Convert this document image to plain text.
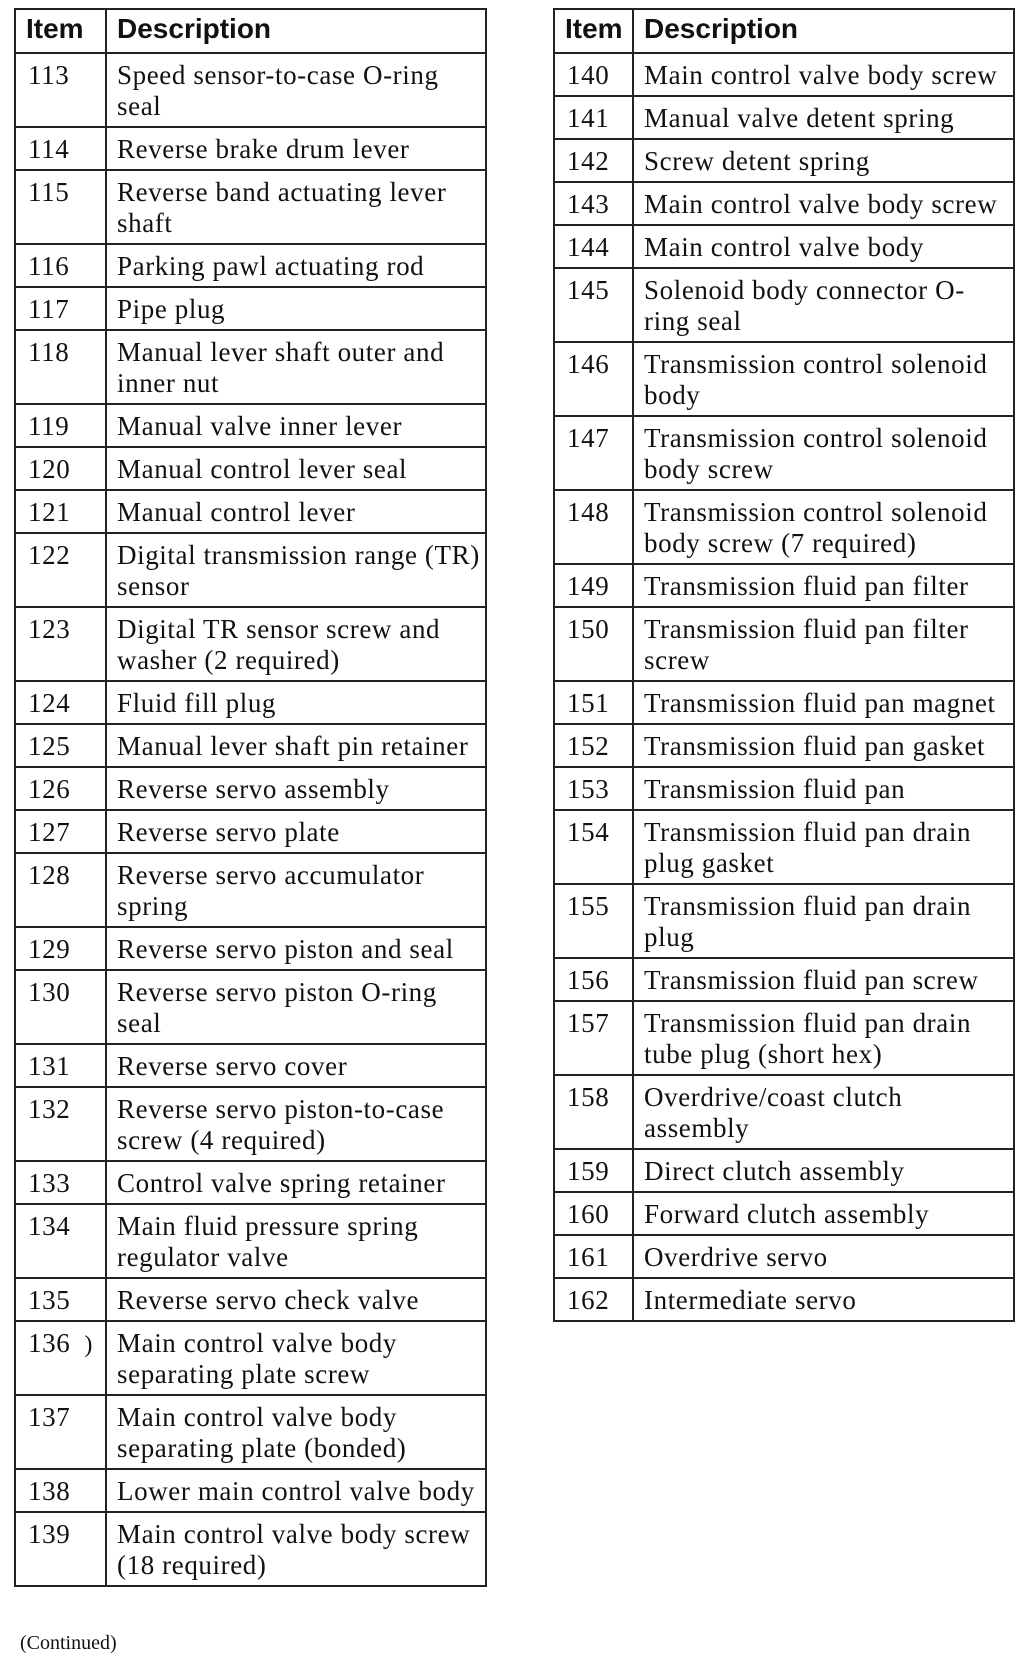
Item	Description
113	Speed sensor-to-case O-ring seal
114	Reverse brake drum lever
115	Reverse band actuating lever shaft
116	Parking pawl actuating rod
117	Pipe plug
118	Manual lever shaft outer and inner nut
119	Manual valve inner lever
120	Manual control lever seal
121	Manual control lever
122	Digital transmission range (TR) sensor
123	Digital TR sensor screw and washer (2 required)
124	Fluid fill plug
125	Manual lever shaft pin retainer
126	Reverse servo assembly
127	Reverse servo plate
128	Reverse servo accumulator spring
129	Reverse servo piston and seal
130	Reverse servo piston O-ring seal
131	Reverse servo cover
132	Reverse servo piston-to-case screw (4 required)
133	Control valve spring retainer
134	Main fluid pressure spring regulator valve
135	Reverse servo check valve
136 )	Main control valve body separating plate screw
137	Main control valve body separating plate (bonded)
138	Lower main control valve body
139	Main control valve body screw (18 required)
Item	Description
140	Main control valve body screw
141	Manual valve detent spring
142	Screw detent spring
143	Main control valve body screw
144	Main control valve body
145	Solenoid body connector O-ring seal
146	Transmission control solenoid body
147	Transmission control solenoid body screw
148	Transmission control solenoid body screw (7 required)
149	Transmission fluid pan filter
150	Transmission fluid pan filter screw
151	Transmission fluid pan magnet
152	Transmission fluid pan gasket
153	Transmission fluid pan
154	Transmission fluid pan drain plug gasket
155	Transmission fluid pan drain plug
156	Transmission fluid pan screw
157	Transmission fluid pan drain tube plug (short hex)
158	Overdrive/coast clutch assembly
159	Direct clutch assembly
160	Forward clutch assembly
161	Overdrive servo
162	Intermediate servo

(Continued)
